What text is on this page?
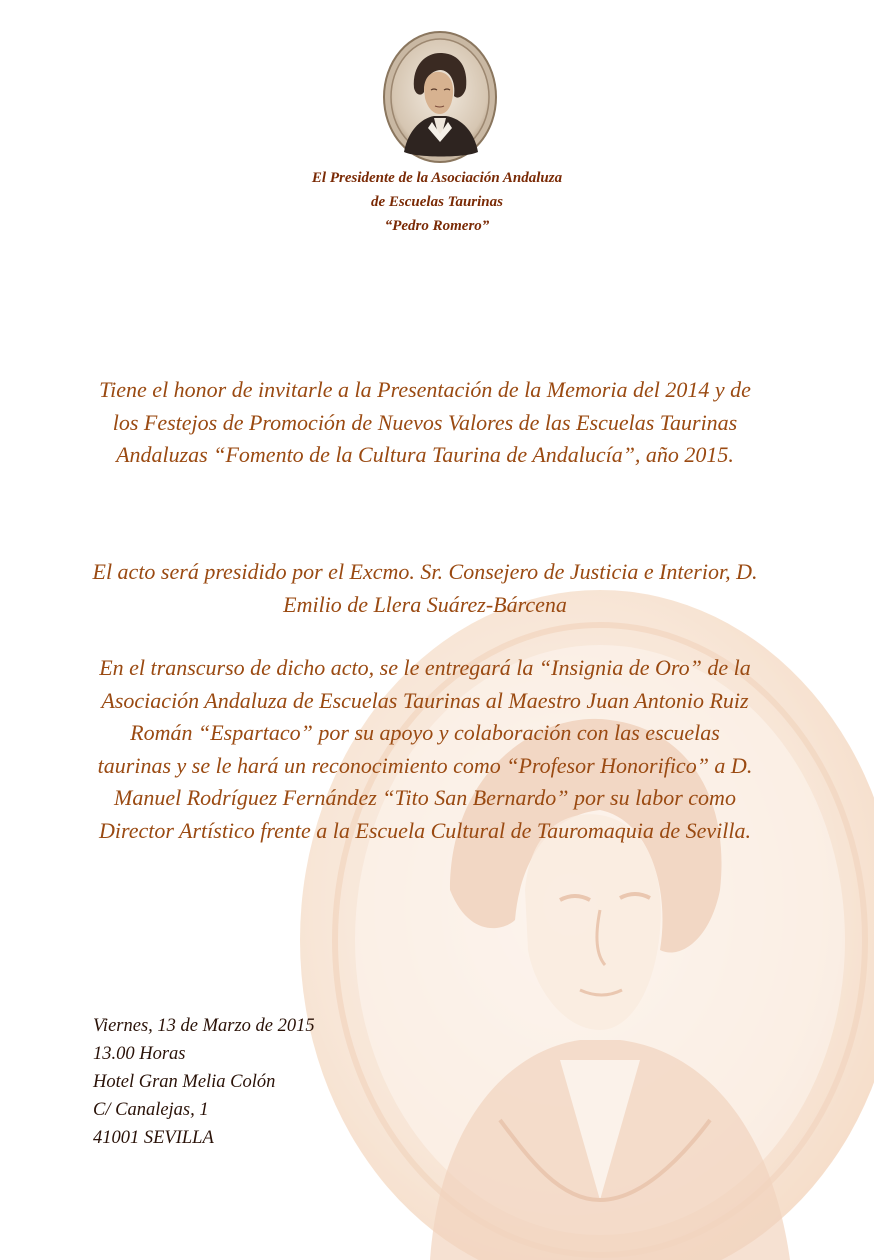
El Presidente de la Asociación Andaluza
de Escuelas Taurinas
“Pedro Romero”
Tiene el honor de invitarle a la Presentación de la Memoria del 2014 y de los Festejos de Promoción de Nuevos Valores de las Escuelas Taurinas Andaluzas “Fomento de la Cultura Taurina de Andalucía”, año 2015.
El acto será presidido por el Excmo. Sr. Consejero de Justicia e Interior, D. Emilio de Llera Suárez-Bárcena
En el transcurso de dicho acto, se le entregará la “Insignia de Oro” de la Asociación Andaluza de Escuelas Taurinas al Maestro Juan Antonio Ruiz Román “Espartaco” por su apoyo y colaboración con las escuelas taurinas y se le hará un reconocimiento como “Profesor Honorifico” a D. Manuel Rodríguez Fernández “Tito San Bernardo” por su labor como Director Artístico frente a la Escuela Cultural de Tauromaquia de Sevilla.
Viernes, 13 de Marzo de 2015
13.00 Horas
Hotel Gran Melia Colón
C/ Canalejas, 1
41001 SEVILLA
